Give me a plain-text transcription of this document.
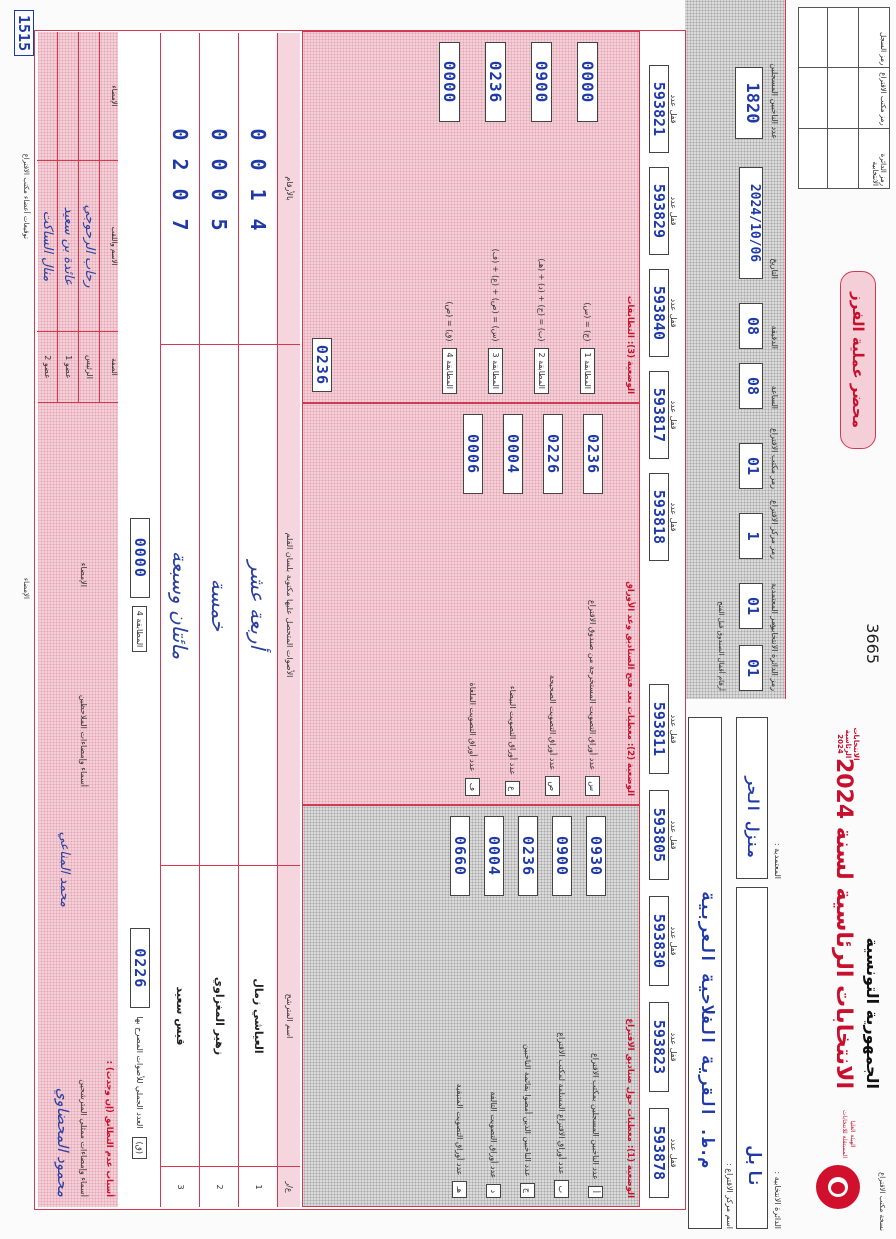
نسخة مكتب الاقتراع
الهيئة العليا المستقلة للانتخابات
الجمهورية التونسية
الانتخابات الرئاسية لسنة 2024
الانتخابات الرئاسية 2024
3665
محضر عملية الفرز
رمز الدائرة الانتخابية
رمز مكتب الاقتراع
رمز السجل
الدائرة الانتخابية :
نابل
المعتمدية :
منزل الحر
اسم مركز الاقتراع :
م.ط. القرية الفلاحية العربية
رمز الدائرة الانتخابية
01
رمز المعتمدية
01
رمز مركز الاقتراع
1
رمز مكتب الاقتراع
01
الساعة
08
الدقيقة
08
التاريخ
2024/10/06
عدد الناخبين المسجلين
1820
أرقام أقفال الصندوق قبل الفتح
قفل عدد
593878
قفل عدد
593823
قفل عدد
593830
قفل عدد
593805
قفل عدد
593811
قفل عدد
593818
قفل عدد
593817
قفل عدد
593840
قفل عدد
593829
قفل عدد
593821
الوضعية (1): معطيات حول صناديق الاقتراع
أ
عدد الناخبين المسجلين بمكتب الاقتراع
0930
ب
عدد أوراق الاقتراع المسلمة لمكتب الاقتراع
0900
ج
عدد الناخبين الذين أمضوا بقائمة الناخبين
0236
د
عدد أوراق التصويت التالفة
0004
هـ
عدد أوراق التصويت المتبقية
0660
الوضعية (2): معطيات بعد فتح الصناديق وعد الأوراق
س
عدد أوراق التصويت المستخرجة من صندوق الاقتراع
0236
ص
عدد أوراق التصويت الصحيحة
0226
ع
عدد أوراق التصويت البيضاء
0004
ف
عدد أوراق التصويت الملغاة
0006
الوضعية (3): التطابقات
المطابقة 1
(ج) = (س)
0000
المطابقة 2
(ب) = (ج) + (د) + (هـ)
0900
المطابقة 3
(س) = (ص) + (ع) + (ف)
0236
المطابقة 4
(ق) = (ص)
0000
0236
ع/ر
اسم المترشح
الأصوات المتحصل عليها مكتوبة بلسان القلم
بالأرقام
1
العياشي زمال
أربعة عشر
0014
2
زهير المغزاوي
خمسة
0005
3
قيس سعيد
مائتان وسبعة
0207
(ق)
العدد الجملي للأصوات المصرح بها
0226
المطابقة 4
0000
أسباب عدم التطابق (إن وجدت) :
أسماء وإمضاءات ممثلي المترشحين
أسماء وإمضاءات الملاحظين
محمود المحضاوي
محمد المناعي
الإمضاء
الصفة
الاسم واللقب
الإمضاء
الرئيس
رحاب الرحوجي
عضو 1
عائدة بن سعيد
عضو 2
منال الساكت
توقيعات أعضاء مكتب الاقتراع
الإمضاء
1515
